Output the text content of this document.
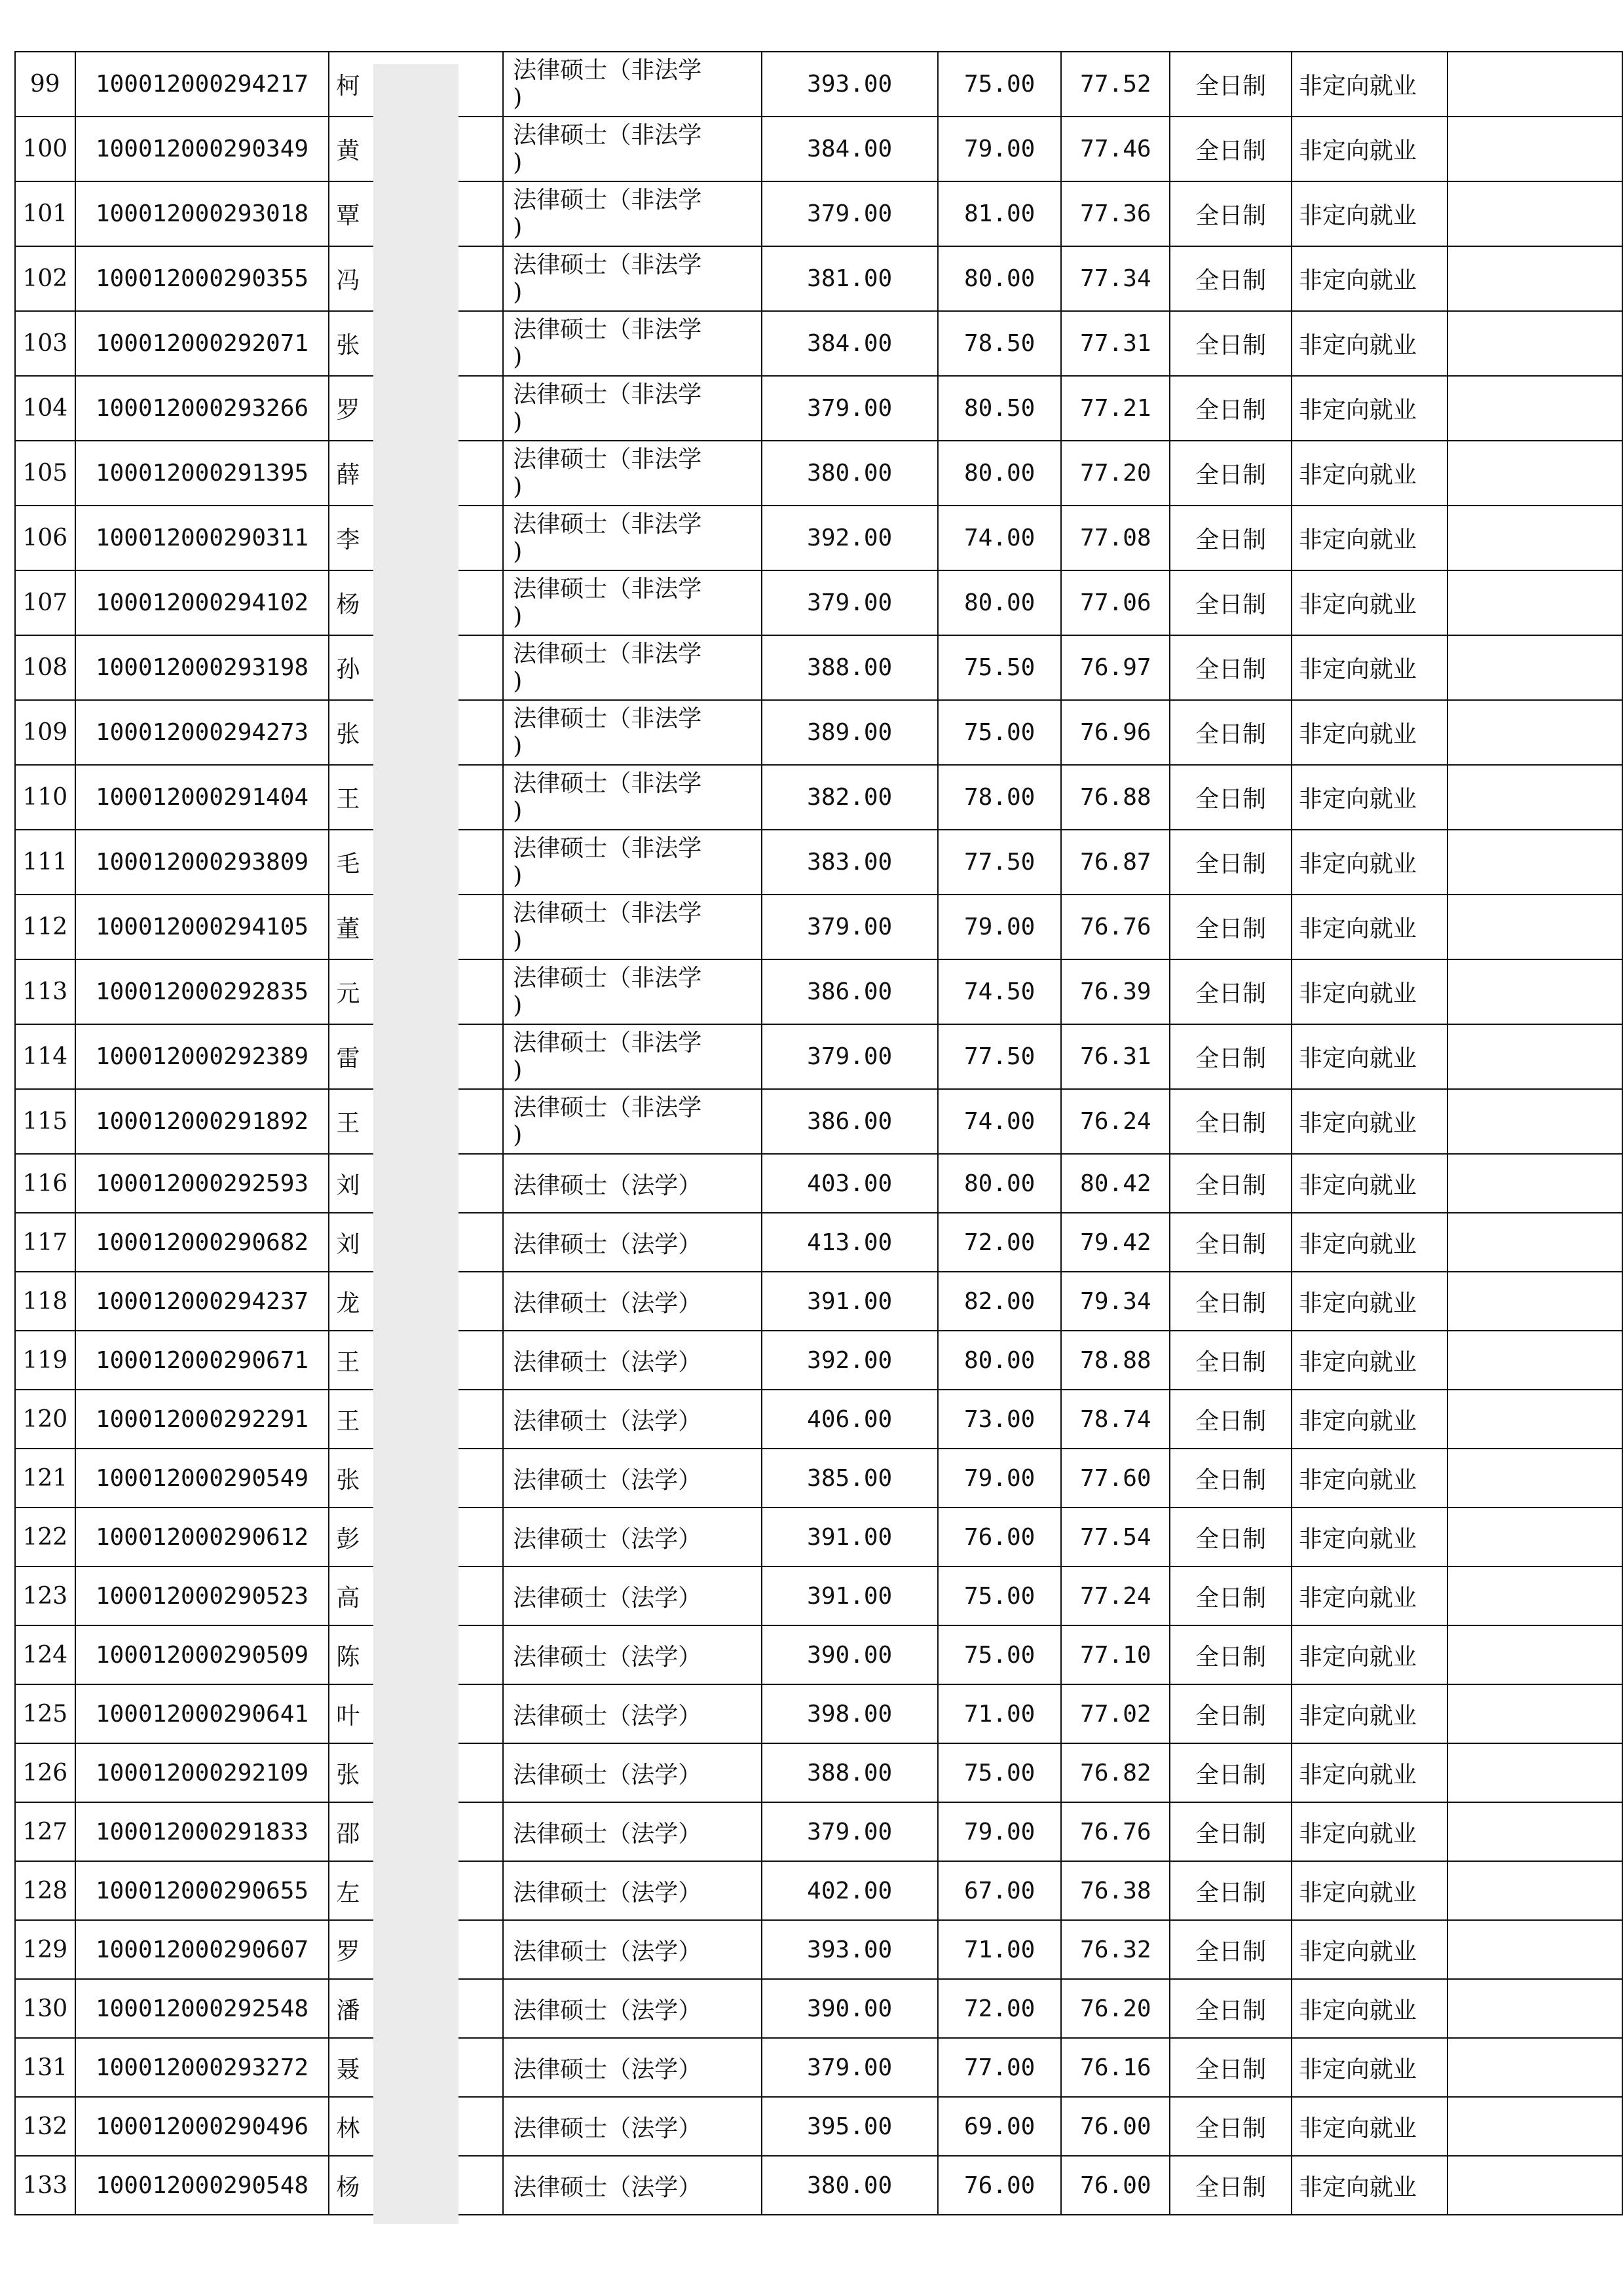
99	100012000294217	柯	法律硕士（非法学
)	393.00	75.00	77.52	全日制	非定向就业	
100	100012000290349	黄	法律硕士（非法学
)	384.00	79.00	77.46	全日制	非定向就业	
101	100012000293018	覃	法律硕士（非法学
)	379.00	81.00	77.36	全日制	非定向就业	
102	100012000290355	冯	法律硕士（非法学
)	381.00	80.00	77.34	全日制	非定向就业	
103	100012000292071	张	法律硕士（非法学
)	384.00	78.50	77.31	全日制	非定向就业	
104	100012000293266	罗	法律硕士（非法学
)	379.00	80.50	77.21	全日制	非定向就业	
105	100012000291395	薛	法律硕士（非法学
)	380.00	80.00	77.20	全日制	非定向就业	
106	100012000290311	李	法律硕士（非法学
)	392.00	74.00	77.08	全日制	非定向就业	
107	100012000294102	杨	法律硕士（非法学
)	379.00	80.00	77.06	全日制	非定向就业	
108	100012000293198	孙	法律硕士（非法学
)	388.00	75.50	76.97	全日制	非定向就业	
109	100012000294273	张	法律硕士（非法学
)	389.00	75.00	76.96	全日制	非定向就业	
110	100012000291404	王	法律硕士（非法学
)	382.00	78.00	76.88	全日制	非定向就业	
111	100012000293809	毛	法律硕士（非法学
)	383.00	77.50	76.87	全日制	非定向就业	
112	100012000294105	董	法律硕士（非法学
)	379.00	79.00	76.76	全日制	非定向就业	
113	100012000292835	元	法律硕士（非法学
)	386.00	74.50	76.39	全日制	非定向就业	
114	100012000292389	雷	法律硕士（非法学
)	379.00	77.50	76.31	全日制	非定向就业	
115	100012000291892	王	法律硕士（非法学
)	386.00	74.00	76.24	全日制	非定向就业	
116	100012000292593	刘	法律硕士（法学）	403.00	80.00	80.42	全日制	非定向就业	
117	100012000290682	刘	法律硕士（法学）	413.00	72.00	79.42	全日制	非定向就业	
118	100012000294237	龙	法律硕士（法学）	391.00	82.00	79.34	全日制	非定向就业	
119	100012000290671	王	法律硕士（法学）	392.00	80.00	78.88	全日制	非定向就业	
120	100012000292291	王	法律硕士（法学）	406.00	73.00	78.74	全日制	非定向就业	
121	100012000290549	张	法律硕士（法学）	385.00	79.00	77.60	全日制	非定向就业	
122	100012000290612	彭	法律硕士（法学）	391.00	76.00	77.54	全日制	非定向就业	
123	100012000290523	高	法律硕士（法学）	391.00	75.00	77.24	全日制	非定向就业	
124	100012000290509	陈	法律硕士（法学）	390.00	75.00	77.10	全日制	非定向就业	
125	100012000290641	叶	法律硕士（法学）	398.00	71.00	77.02	全日制	非定向就业	
126	100012000292109	张	法律硕士（法学）	388.00	75.00	76.82	全日制	非定向就业	
127	100012000291833	邵	法律硕士（法学）	379.00	79.00	76.76	全日制	非定向就业	
128	100012000290655	左	法律硕士（法学）	402.00	67.00	76.38	全日制	非定向就业	
129	100012000290607	罗	法律硕士（法学）	393.00	71.00	76.32	全日制	非定向就业	
130	100012000292548	潘	法律硕士（法学）	390.00	72.00	76.20	全日制	非定向就业	
131	100012000293272	聂	法律硕士（法学）	379.00	77.00	76.16	全日制	非定向就业	
132	100012000290496	林	法律硕士（法学）	395.00	69.00	76.00	全日制	非定向就业	
133	100012000290548	杨	法律硕士（法学）	380.00	76.00	76.00	全日制	非定向就业	
